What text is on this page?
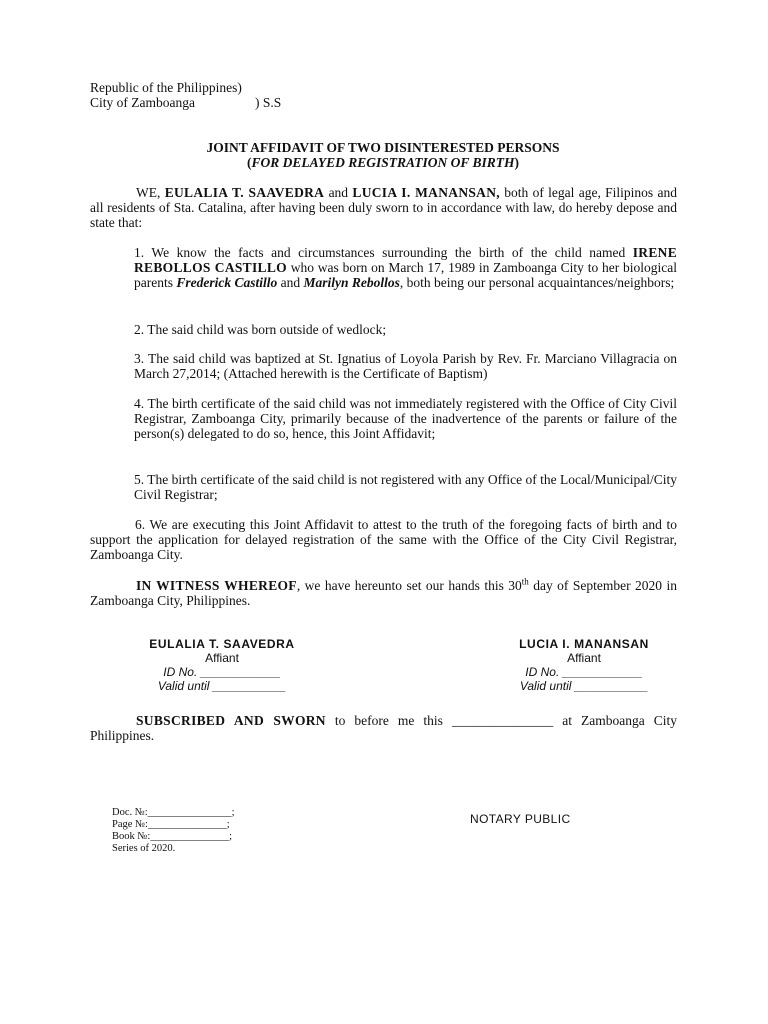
Republic of the Philippines)
City of Zamboanga	) S.S
JOINT AFFIDAVIT OF TWO DISINTERESTED PERSONS
(FOR DELAYED REGISTRATION OF BIRTH)
WE, EULALIA T. SAAVEDRA and LUCIA I. MANANSAN, both of legal age, Filipinos and all residents of Sta. Catalina, after having been duly sworn to in accordance with law, do hereby depose and state that:
1. We know the facts and circumstances surrounding the birth of the child named IRENE REBOLLOS CASTILLO who was born on March 17, 1989 in Zamboanga City to her biological parents Frederick Castillo and Marilyn Rebollos, both being our personal acquaintances/neighbors;
2. The said child was born outside of wedlock;
3. The said child was baptized at St. Ignatius of Loyola Parish by Rev. Fr. Marciano Villagracia on March 27,2014; (Attached herewith is the Certificate of Baptism)
4. The birth certificate of the said child was not immediately registered with the Office of City Civil Registrar, Zamboanga City, primarily because of the inadvertence of the parents or failure of the person(s) delegated to do so, hence, this Joint Affidavit;
5. The birth certificate of the said child is not registered with any Office of the Local/Municipal/City Civil Registrar;
6. We are executing this Joint Affidavit to attest to the truth of the foregoing facts of birth and to support the application for delayed registration of the same with the Office of the City Civil Registrar, Zamboanga City.
IN WITNESS WHEREOF, we have hereunto set our hands this 30th day of September 2020 in Zamboanga City, Philippines.
EULALIA T. SAAVEDRA
Affiant
ID No. ____________
Valid until ___________
LUCIA I. MANANSAN
Affiant
ID No. ____________
Valid until ___________
SUBSCRIBED AND SWORN to before me this _______________ at Zamboanga City Philippines.
Doc. №:________________;
Page №:_______________;
Book №:_______________;
Series of 2020.
NOTARY PUBLIC
